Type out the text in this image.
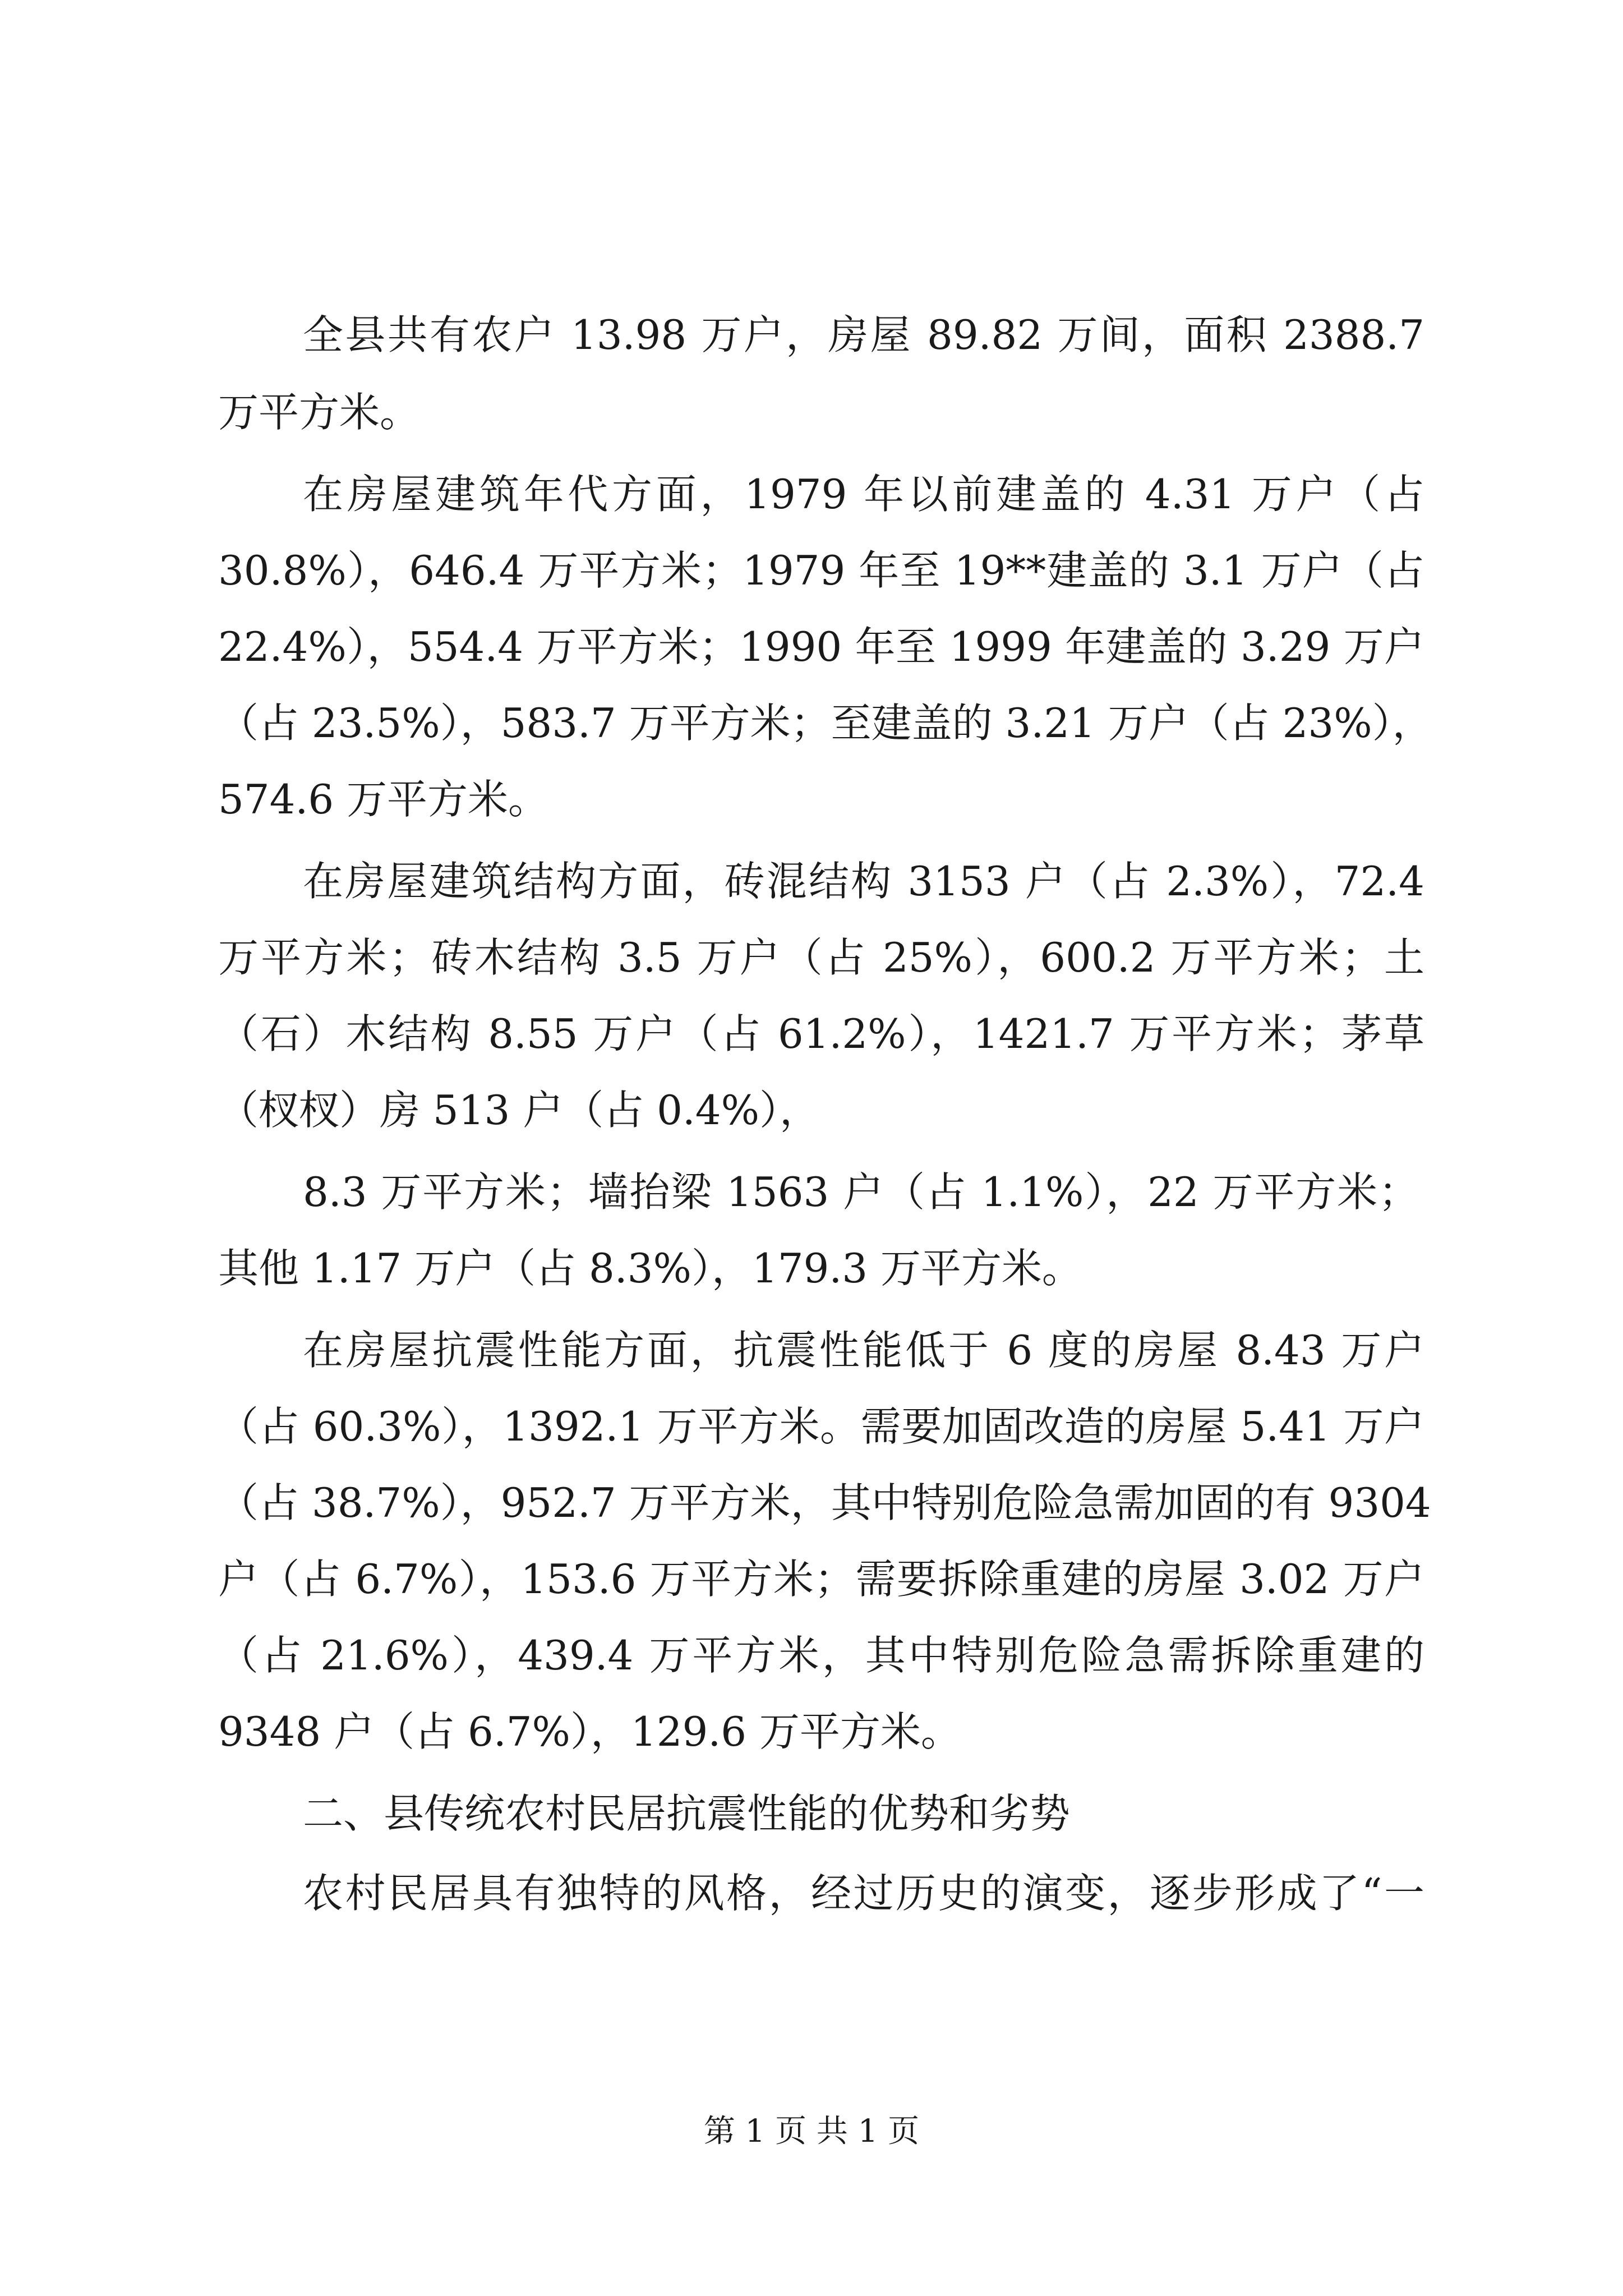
全县共有农户 13.98 万户，房屋 89.82 万间，面积 2388.7
万平方米。
在房屋建筑年代方面，1979 年以前建盖的 4.31 万户（占
30.8%），646.4 万平方米；1979 年至 19**建盖的 3.1 万户（占
22.4%），554.4 万平方米；1990 年至 1999 年建盖的 3.29 万户
（占 23.5%），583.7 万平方米；至建盖的 3.21 万户（占 23%），
574.6 万平方米。
在房屋建筑结构方面，砖混结构 3153 户（占 2.3%），72.4
万平方米；砖木结构 3.5 万户（占 25%），600.2 万平方米；土
（石）木结构 8.55 万户（占 61.2%），1421.7 万平方米；茅草
（杈杈）房 513 户（占 0.4%），
8.3 万平方米；墙抬梁 1563 户（占 1.1%），22 万平方米；
其他 1.17 万户（占 8.3%），179.3 万平方米。
在房屋抗震性能方面，抗震性能低于 6 度的房屋 8.43 万户
（占 60.3%），1392.1 万平方米。需要加固改造的房屋 5.41 万户
（占 38.7%），952.7 万平方米，其中特别危险急需加固的有 9304
户（占 6.7%），153.6 万平方米；需要拆除重建的房屋 3.02 万户
（占 21.6%），439.4 万平方米，其中特别危险急需拆除重建的
9348 户（占 6.7%），129.6 万平方米。
二、县传统农村民居抗震性能的优势和劣势
农村民居具有独特的风格，经过历史的演变，逐步形成了“一
第 1 页 共 1 页
